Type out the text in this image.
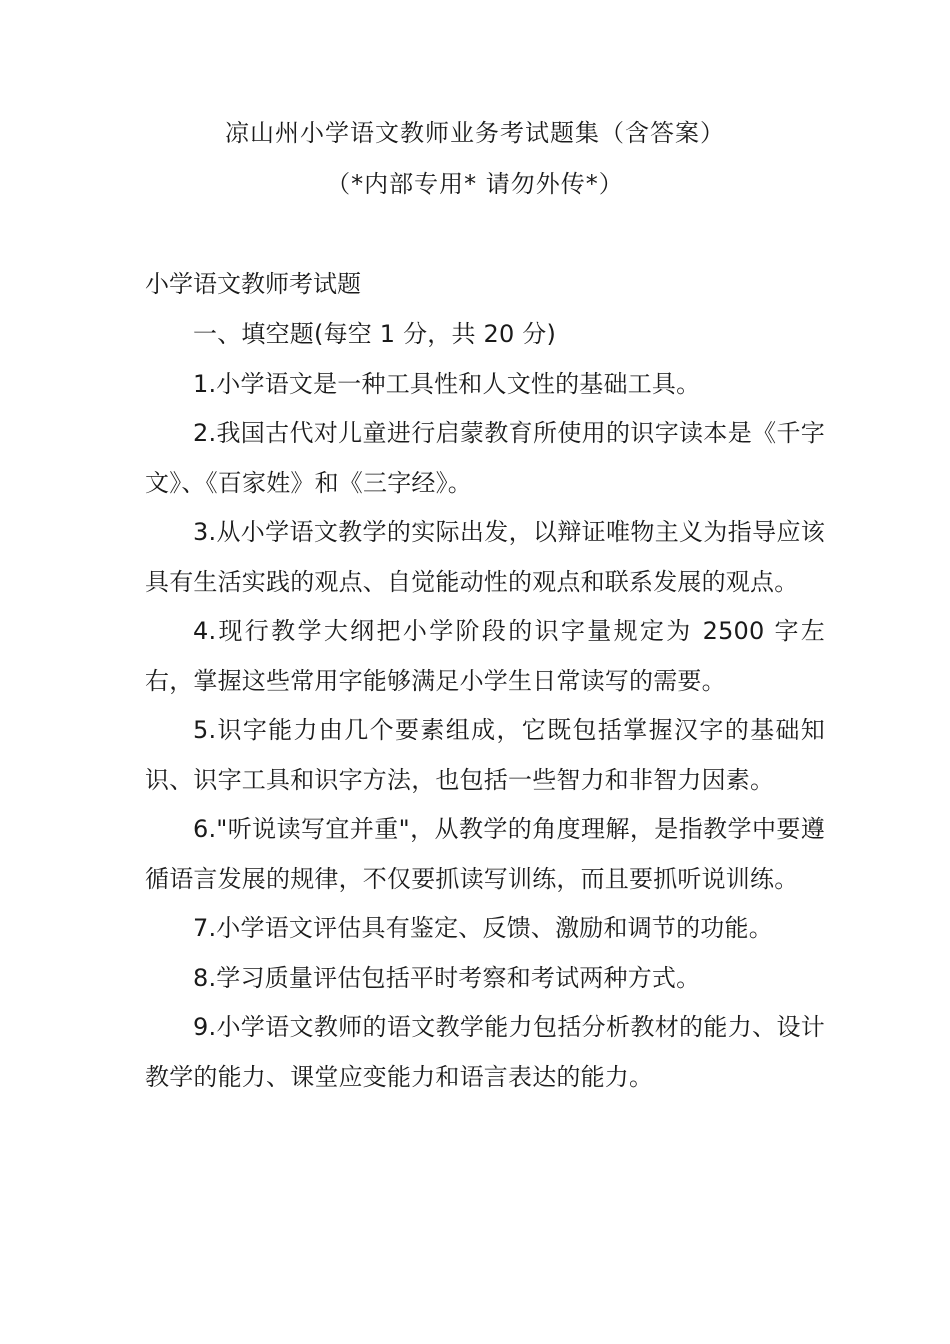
凉山州小学语文教师业务考试题集（含答案）
（*内部专用* 请勿外传*）
小学语文教师考试题

一、填空题(每空 1 分，共 20 分)

1.小学语文是一种工具性和人文性的基础工具。

2.我国古代对儿童进行启蒙教育所使用的识字读本是《千字文》、《百家姓》和《三字经》。

3.从小学语文教学的实际出发，以辩证唯物主义为指导应该具有生活实践的观点、自觉能动性的观点和联系发展的观点。

4.现行教学大纲把小学阶段的识字量规定为 2500 字左右，掌握这些常用字能够满足小学生日常读写的需要。

5.识字能力由几个要素组成，它既包括掌握汉字的基础知识、识字工具和识字方法，也包括一些智力和非智力因素。

6."听说读写宜并重"，从教学的角度理解，是指教学中要遵循语言发展的规律，不仅要抓读写训练，而且要抓听说训练。

7.小学语文评估具有鉴定、反馈、激励和调节的功能。

8.学习质量评估包括平时考察和考试两种方式。

9.小学语文教师的语文教学能力包括分析教材的能力、设计教学的能力、课堂应变能力和语言表达的能力。
